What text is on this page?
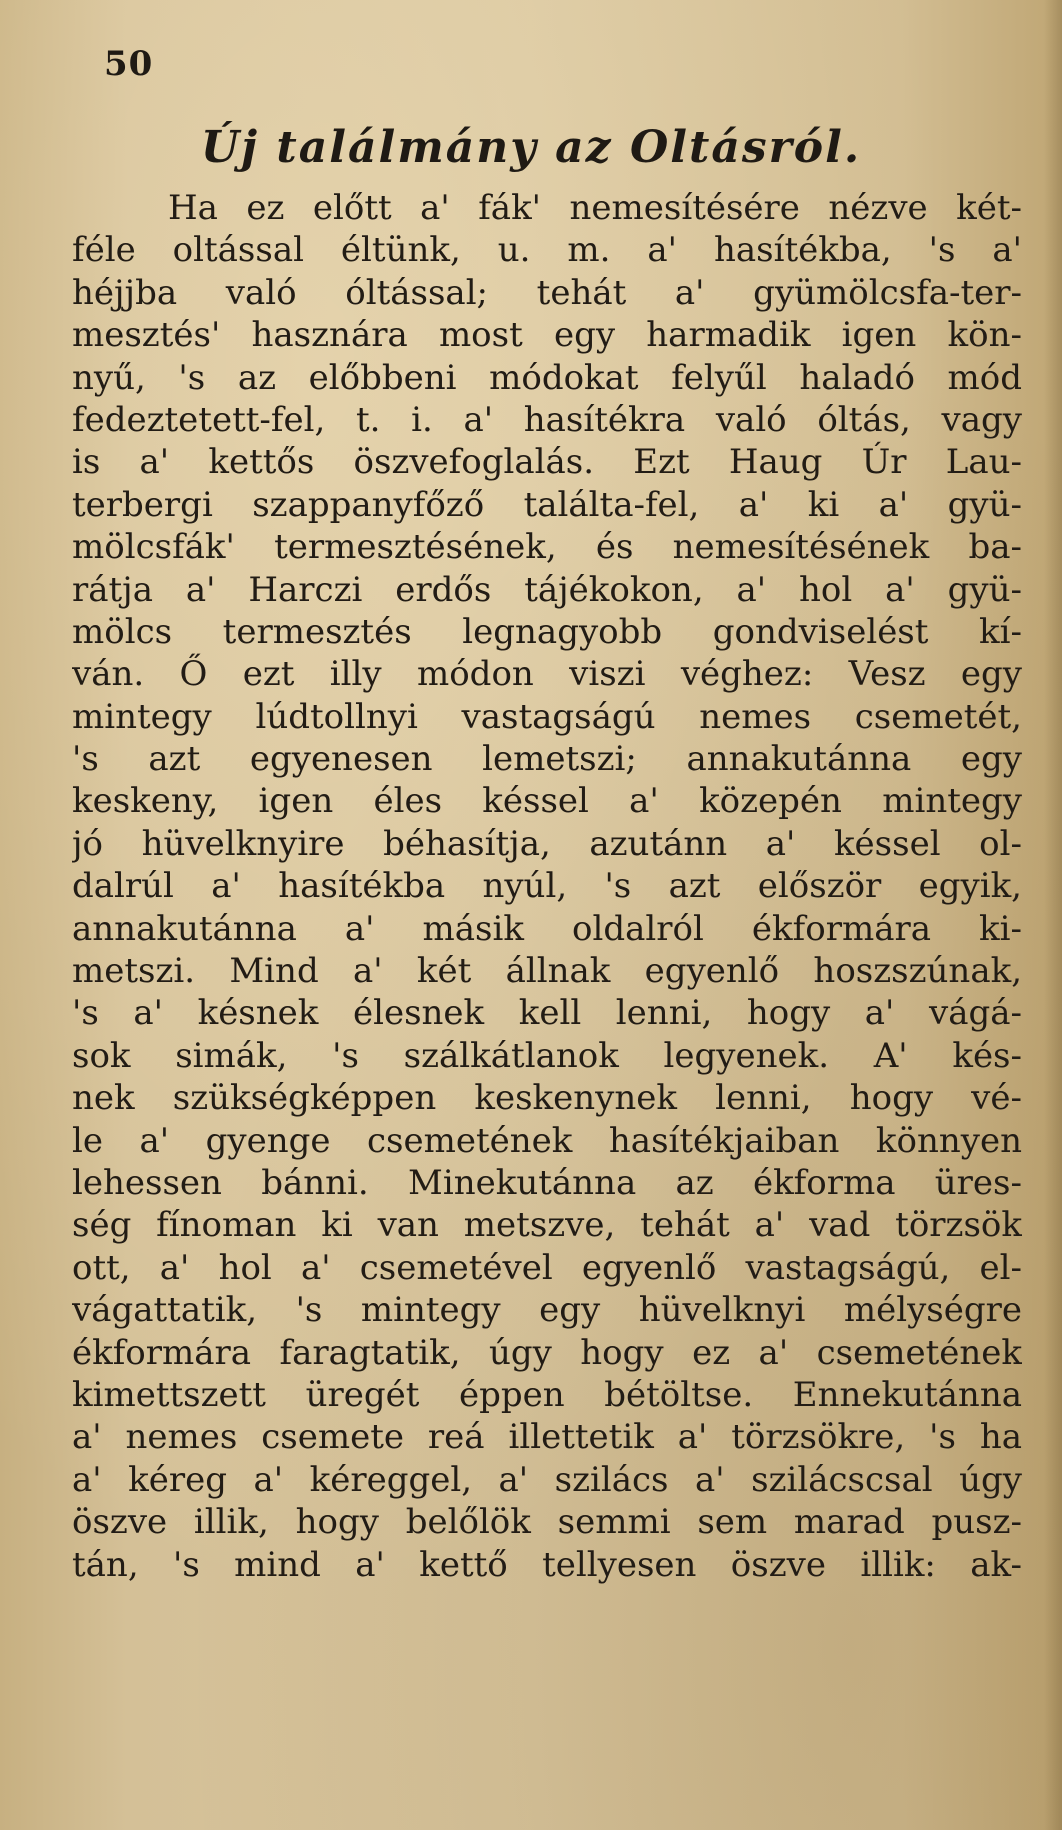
50
Új találmány az Oltásról.
Ha ez előtt a' fák' nemesítésére nézve két-
féle oltással éltünk, u. m. a' hasítékba, 's a'
héjjba való óltással; tehát a' gyümölcsfa-ter-
mesztés' hasznára most egy harmadik igen kön-
nyű, 's az előbbeni módokat felyűl haladó mód
fedeztetett-fel, t. i. a' hasítékra való óltás, vagy
is a' kettős öszvefoglalás. Ezt Haug Úr Lau-
terbergi szappanyfőző találta-fel, a' ki a' gyü-
mölcsfák' termesztésének, és nemesítésének ba-
rátja a' Harczi erdős tájékokon, a' hol a' gyü-
mölcs termesztés legnagyobb gondviselést kí-
ván. Ő ezt illy módon viszi véghez: Vesz egy
mintegy lúdtollnyi vastagságú nemes csemetét,
's azt egyenesen lemetszi; annakutánna egy
keskeny, igen éles késsel a' közepén mintegy
jó hüvelknyire béhasítja, azutánn a' késsel ol-
dalrúl a' hasítékba nyúl, 's azt először egyik,
annakutánna a' másik oldalról ékformára ki-
metszi. Mind a' két állnak egyenlő hoszszúnak,
's a' késnek élesnek kell lenni, hogy a' vágá-
sok simák, 's szálkátlanok legyenek. A' kés-
nek szükségképpen keskenynek lenni, hogy vé-
le a' gyenge csemetének hasítékjaiban könnyen
lehessen bánni. Minekutánna az ékforma üres-
ség fínoman ki van metszve, tehát a' vad törzsök
ott, a' hol a' csemetével egyenlő vastagságú, el-
vágattatik, 's mintegy egy hüvelknyi mélységre
ékformára faragtatik, úgy hogy ez a' csemetének
kimettszett üregét éppen bétöltse. Ennekutánna
a' nemes csemete reá illettetik a' törzsökre, 's ha
a' kéreg a' kéreggel, a' szilács a' szilácscsal úgy
öszve illik, hogy belőlök semmi sem marad pusz-
tán, 's mind a' kettő tellyesen öszve illik: ak-
